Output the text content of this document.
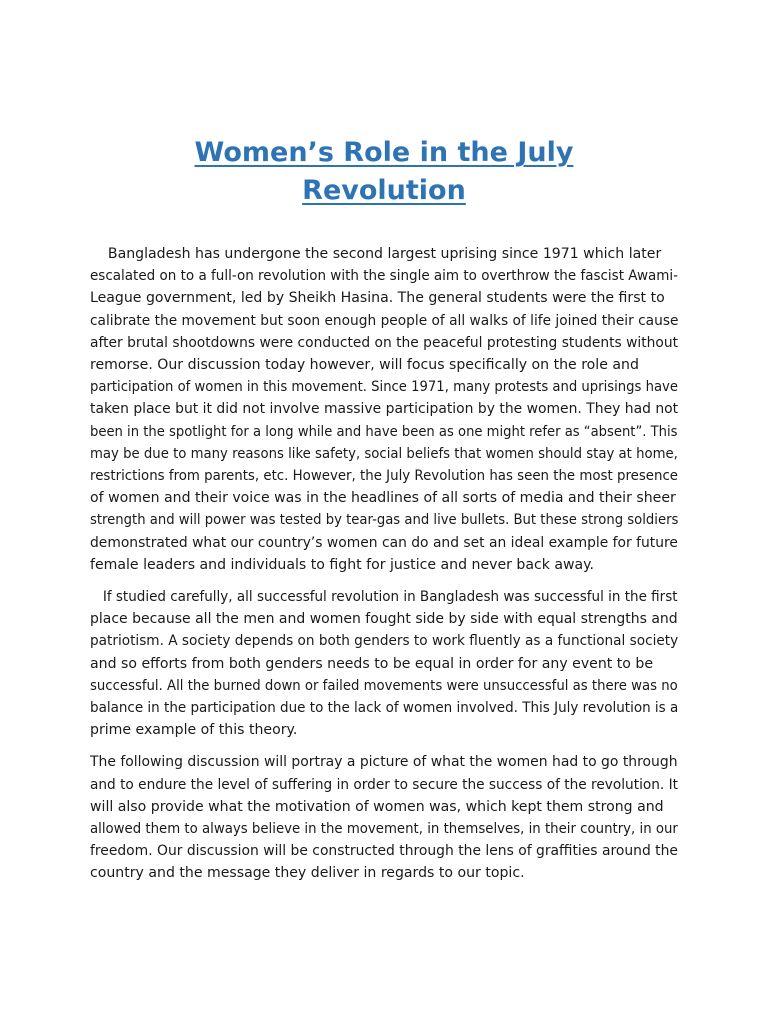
Women’s Role in the July
Revolution
Bangladesh has undergone the second largest uprising since 1971 which later
escalated on to a full-on revolution with the single aim to overthrow the fascist Awami-
League government, led by Sheikh Hasina. The general students were the first to
calibrate the movement but soon enough people of all walks of life joined their cause
after brutal shootdowns were conducted on the peaceful protesting students without
remorse. Our discussion today however, will focus specifically on the role and
participation of women in this movement. Since 1971, many protests and uprisings have
taken place but it did not involve massive participation by the women. They had not
been in the spotlight for a long while and have been as one might refer as “absent”. This
may be due to many reasons like safety, social beliefs that women should stay at home,
restrictions from parents, etc. However, the July Revolution has seen the most presence
of women and their voice was in the headlines of all sorts of media and their sheer
strength and will power was tested by tear-gas and live bullets. But these strong soldiers
demonstrated what our country’s women can do and set an ideal example for future
female leaders and individuals to fight for justice and never back away.
If studied carefully, all successful revolution in Bangladesh was successful in the first
place because all the men and women fought side by side with equal strengths and
patriotism. A society depends on both genders to work fluently as a functional society
and so efforts from both genders needs to be equal in order for any event to be
successful. All the burned down or failed movements were unsuccessful as there was no
balance in the participation due to the lack of women involved. This July revolution is a
prime example of this theory.
The following discussion will portray a picture of what the women had to go through
and to endure the level of suffering in order to secure the success of the revolution. It
will also provide what the motivation of women was, which kept them strong and
allowed them to always believe in the movement, in themselves, in their country, in our
freedom. Our discussion will be constructed through the lens of graffities around the
country and the message they deliver in regards to our topic.
